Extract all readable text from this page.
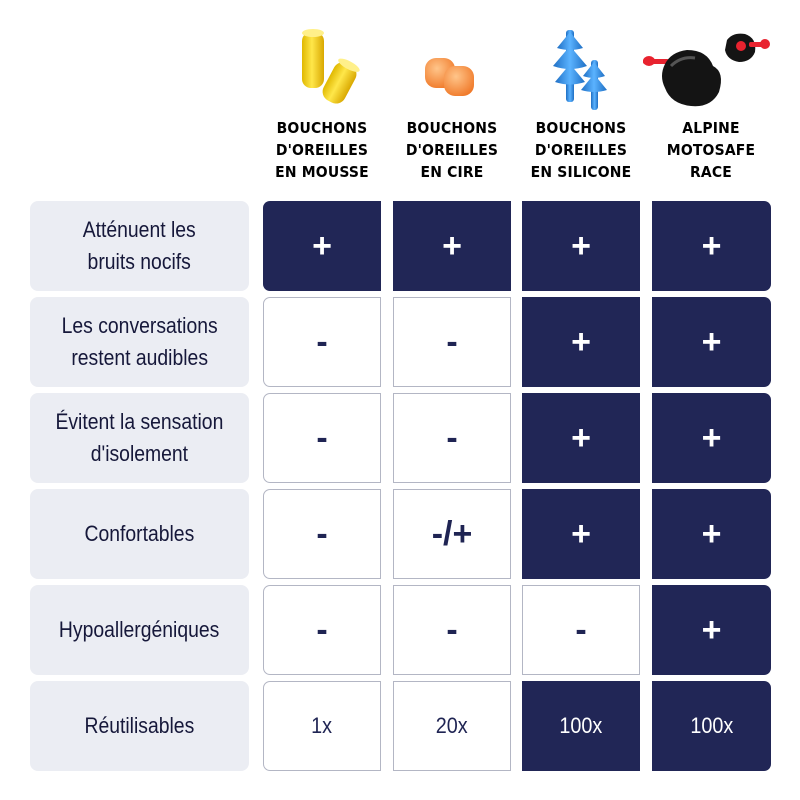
BOUCHONS
D'OREILLES
EN MOUSSE
BOUCHONS
D'OREILLES
EN CIRE
BOUCHONS
D'OREILLES
EN SILICONE
ALPINE
MOTOSAFE
RACE
Atténuent les
bruits nocifs	+	+	+	+
Les conversations
restent audibles	-	-	+	+
Évitent la sensation
d'isolement	-	-	+	+
Confortables	-	-/+	+	+
Hypoallergéniques	-	-	-	+
Réutilisables	1x	20x	100x	100x
